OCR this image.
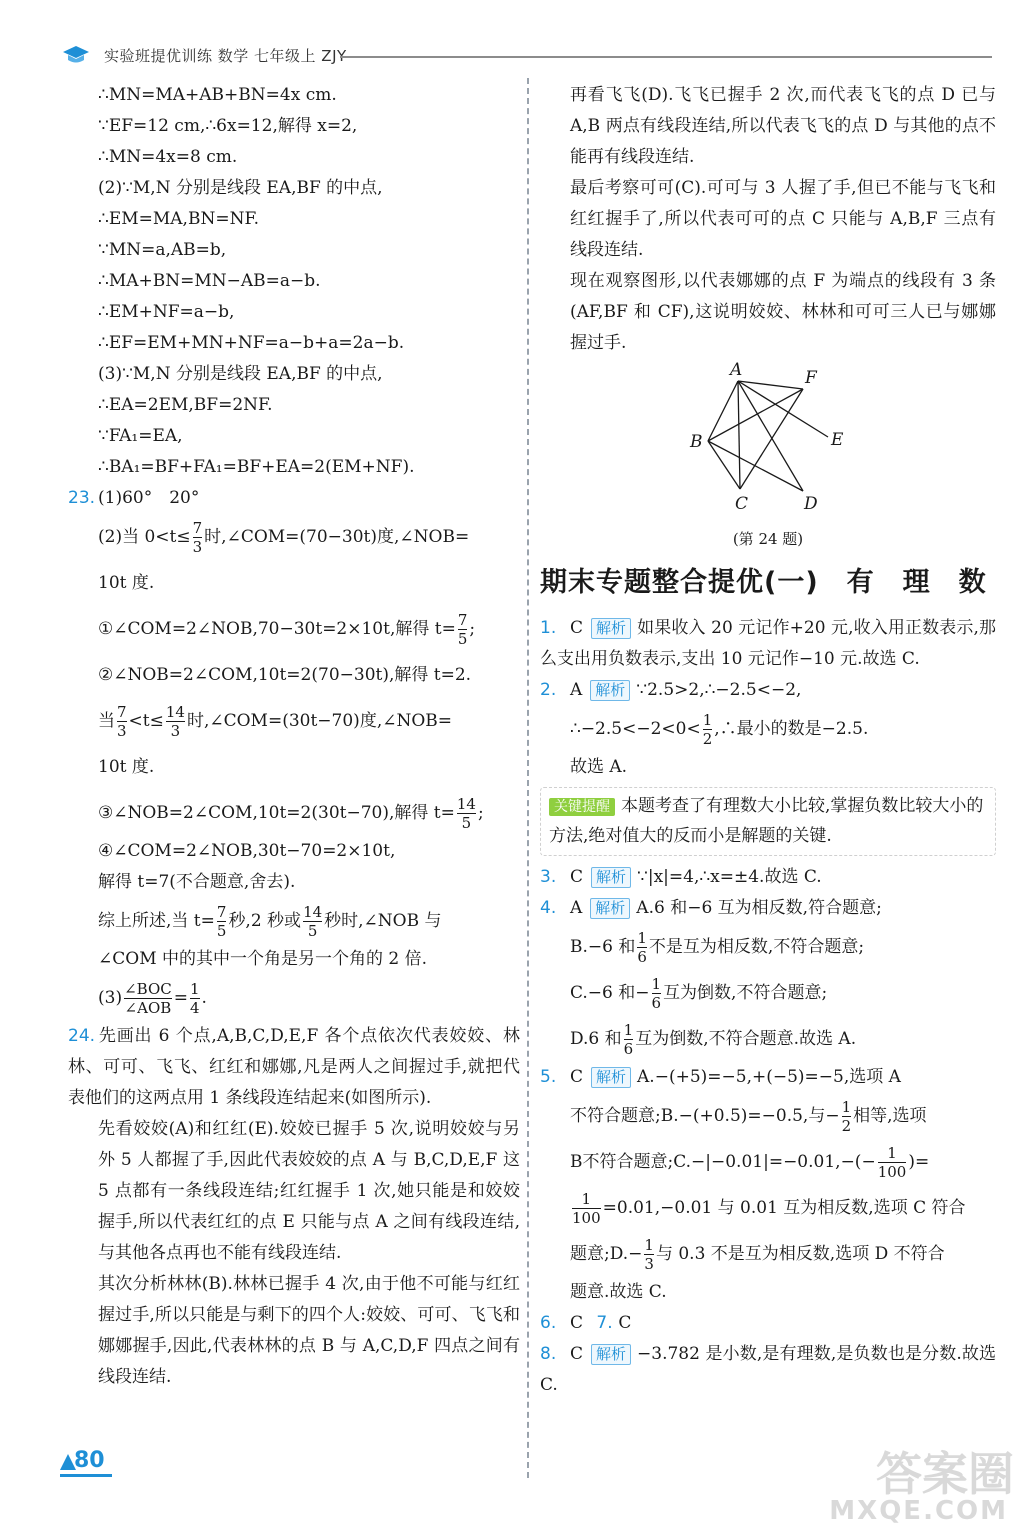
实验班提优训练 数学 七年级上 ZJY
∴MN=MA+AB+BN=4x cm.
∵EF=12 cm,∴6x=12,解得 x=2,
∴MN=4x=8 cm.
(2)∵M,N 分别是线段 EA,BF 的中点,
∴EM=MA,BN=NF.
∵MN=a,AB=b,
∴MA+BN=MN−AB=a−b.
∴EM+NF=a−b,
∴EF=EM+MN+NF=a−b+a=2a−b.
(3)∵M,N 分别是线段 EA,BF 的中点,
∴EA=2EM,BF=2NF.
∵FA₁=EA,
∴BA₁=BF+FA₁=BF+EA=2(EM+NF).
23. (1)60°　20°
(2)当 $0<t\le \frac{7}{3}$ 时,∠COM=(70−30t)度,∠NOB=
10t 度.
①∠COM=2∠NOB,70−30t=2×10t,解得 $t= \frac{7}{5}$ ;
②∠NOB=2∠COM,10t=2(70−30t),解得 t=2.
当 $\frac{7}{3} <t\le \frac{14}{3}$ 时,∠COM=(30t−70)度,∠NOB=
10t 度.
③∠NOB=2∠COM,10t=2(30t−70),解得 $t= \frac{14}{5}$ ;
④∠COM=2∠NOB,30t−70=2×10t,
解得 t=7(不合题意,舍去).
综上所述,当 $t= \frac{7}{5}$ 秒,2 秒或 $\frac{14}{5}$ 秒时,∠NOB 与
∠COM 中的其中一个角是另一个角的 2 倍.
$(3) \frac{\text{∠BOC}}{\text{∠AOB}} = \frac{1}{4}$ .
24. 先画出 6 个点,A,B,C,D,E,F 各个点依次代表姣姣、林林、可可、飞飞、红红和娜娜,凡是两人之间握过手,就把代表他们的这两点用 1 条线段连结起来(如图所示).
先看姣姣(A)和红红(E).姣姣已握手 5 次,说明姣姣与另外 5 人都握了手,因此代表姣姣的点 A 与 B,C,D,E,F 这 5 点都有一条线段连结;红红握手 1 次,她只能是和姣姣握手,所以代表红红的点 E 只能与点 A 之间有线段连结,与其他各点再也不能有线段连结.
其次分析林林(B).林林已握手 4 次,由于他不可能与红红握过手,所以只能是与剩下的四个人:姣姣、可可、飞飞和娜娜握手,因此,代表林林的点 B 与 A,C,D,F 四点之间有线段连结.
再看飞飞(D).飞飞已握手 2 次,而代表飞飞的点 D 已与 A,B 两点有线段连结,所以代表飞飞的点 D 与其他的点不能再有线段连结.
最后考察可可(C).可可与 3 人握了手,但已不能与飞飞和红红握手了,所以代表可可的点 C 只能与 A,B,F 三点有线段连结.
现在观察图形,以代表娜娜的点 F 为端点的线段有 3 条(AF,BF 和 CF),这说明姣姣、林林和可可三人已与娜娜握过手.
A	F
B	E
C	D
(第 24 题)
期末专题整合提优(一)　有　理　数
1. C 解析 如果收入 20 元记作+20 元,收入用正数表示,那么支出用负数表示,支出 10 元记作−10 元.故选 C.
2. A 解析 ∵2.5>2,∴−2.5<−2,
∴−2.5<−2<0< $\frac{1}{2}$ ,∴最小的数是−2.5.
故选 A.
关键提醒 本题考查了有理数大小比较,掌握负数比较大小的方法,绝对值大的反而小是解题的关键.
3. C 解析 ∵|x|=4,∴x=±4.故选 C.
4. A 解析 A.6 和−6 互为相反数,符合题意;
B.−6 和 $\frac{1}{6}$ 不是互为相反数,不符合题意;
C.−6 和− $\frac{1}{6}$ 互为倒数,不符合题意;
D.6 和 $\frac{1}{6}$ 互为倒数,不符合题意.故选 A.
5. C 解析 A.−(+5)=−5,+(−5)=−5,选项 A
不符合题意;B.−(+0.5)=−0.5,与− $\frac{1}{2}$ 相等,选项
B不符合题意;C.−|−0.01|=−0.01,−(− $\frac{1}{100}$ )=
$\frac{1}{100} =0.01,-0.01$ 与 0.01 互为相反数,选项 C 符合
题意;D.− $\frac{1}{3}$ 与 0.3 不是互为相反数,选项 D 不符合
题意.故选 C.
6. C 7. C
8. C 解析 −3.782 是小数,是有理数,是负数也是分数.故选 C.
80	答案圈
MXQE.COM
